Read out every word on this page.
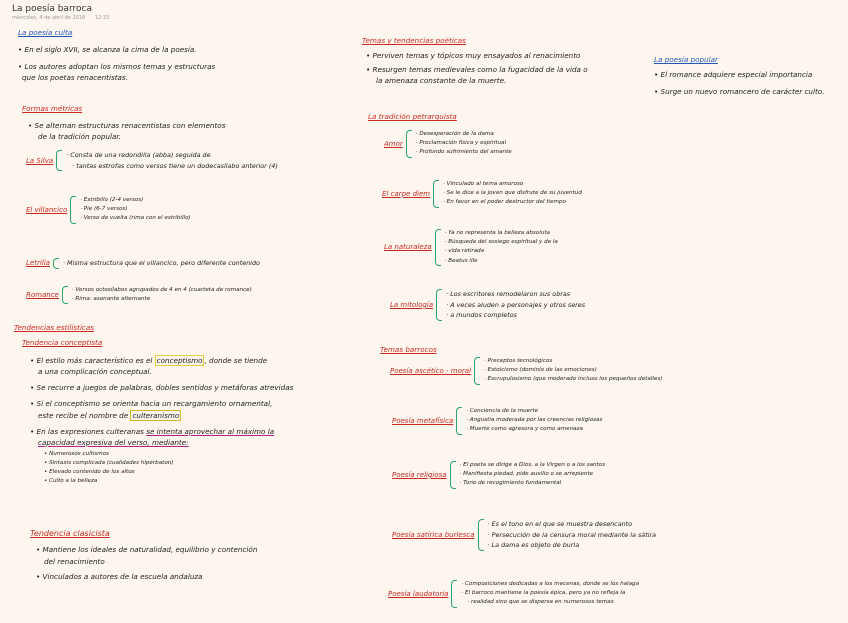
La poesía barroca
miércoles, 4 de abril de 2018 12:33
La poesía culta
• En el siglo XVII, se alcanza la cima de la poesía.
• Los autores adoptan los mismos temas y estructuras
que los poetas renacentistas.
Formas métricas
• Se alternan estructuras renacentistas con elementos
de la tradición popular.
La Silva
· Consta de una redondilla (abba) seguida de
· tantas estrofas como versos tiene un dodecasílabo anterior (4)
El villancico
· Estribillo (2-4 versos)
· Pie (6-7 versos)
· Verso de vuelta (rima con el estribillo)
Letrilla
·	Misma estructura que el villancico, pero diferente contenido
Romance
· Versos octosílabos agrupados de 4 en 4 (cuarteta de romance)
· Rima: asonante alternante
Tendencias estilísticas
Tendencia conceptista
• El estilo más característico es el conceptismo , donde se tiende
a una complicación conceptual.
• Se recurre a juegos de palabras, dobles sentidos y metáforas atrevidas
• Si el conceptismo se orienta hacia un recargamiento ornamental,
este recibe el nombre de culteranismo
• En las expresiones culteranas se intenta aprovechar al máximo la
capacidad expresiva del verso, mediante:
• Numerosos cultismos
• Sintaxis complicada (cualidades hipérbaton)
• Elevado contenido de los altos
• Culto a la belleza
Tendencia clasicista
• Mantiene los ideales de naturalidad, equilibrio y contención
del renacimiento
• Vinculados a autores de la escuela andaluza
Temas y tendencias poéticas
• Perviven temas y tópicos muy ensayados al renacimiento
• Resurgen temas medievales como la fugacidad de la vida o
la amenaza constante de la muerte.
La tradición petrarquista
Amor
· Desesperación de la dama
· Proclamación física y espiritual
· Profundo sufrimiento del amante
El carpe diem
· Vinculado al tema amoroso
· Se le dice a la joven que disfrute de su juventud
· En favor en el poder destructor del tiempo
La naturaleza
· Ya no representa la belleza absoluta
· Búsqueda del sosiego espiritual y de la
· vida retirada
· Beatus ille
La mitología
· Los escritores remodelaron sus obras
· A veces aluden a personajes y otros seres
· a mundos completos
Temas barrocos
Poesía ascético - moral
· Preceptos tecnológicos
· Estoicismo (dominio de las emociones)
· Escrupulosismo (que moderado incluso los pequeños detalles)
Poesía metafísica
· Conciencia de la muerte
· Angustia moderada por las creencias religiosas
· Muerte como agresora y como amenaza
Poesía religiosa
· El poeta se dirige a Dios, a la Virgen o a los santos
· Manifiesta piedad, pide auxilio o se arrepiente
· Tono de recogimiento fundamental
Poesía satírica burlesca
· Es el tono en el que se muestra desencanto
· Persecución de la censura moral mediante la sátira
· La dama es objeto de burla
Poesía laudatoria
· Composiciones dedicadas a los mecenas, donde se los halaga
· El barroco mantiene la poesía épica, pero ya no refleja la
· realidad sino que se dispersa en numerosos temas
La poesía popular
• El romance adquiere especial importancia
• Surge un nuevo romancero de carácter culto.
